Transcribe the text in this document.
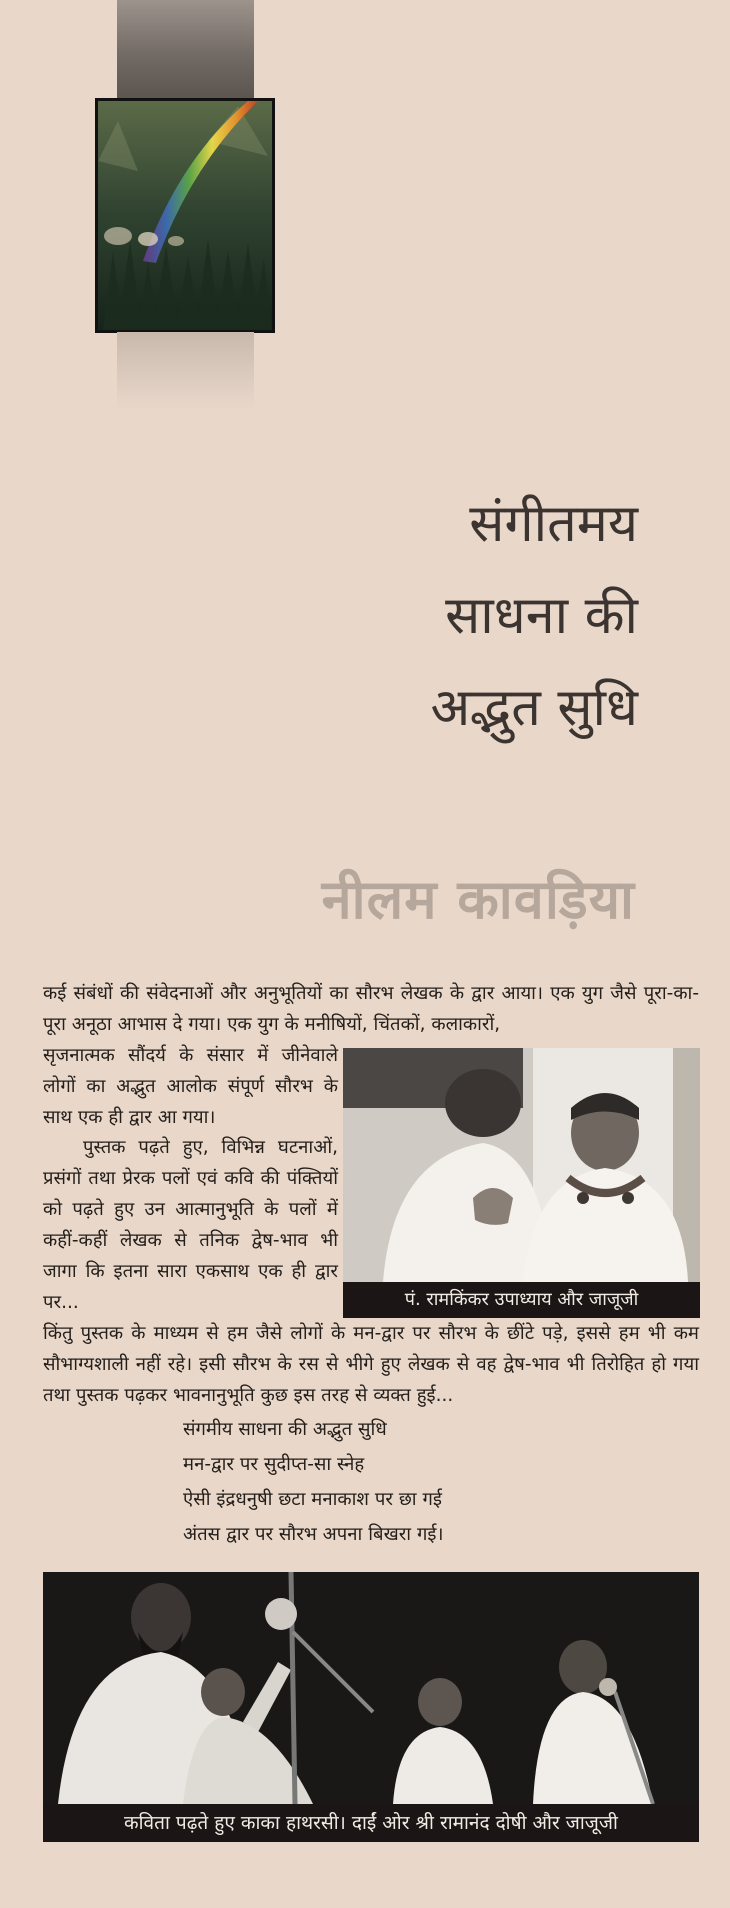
संगीतमय
साधना की
अद्भुत सुधि
नीलम कावड़िया
कई संबंधों की संवेदनाओं और अनुभूतियों का सौरभ लेखक के द्वार आया। एक युग जैसे पूरा-का-पूरा अनूठा आभास दे गया। एक युग के मनीषियों, चिंतकों, कलाकारों,
सृजनात्मक सौंदर्य के संसार में जीनेवाले लोगों का अद्भुत आलोक संपूर्ण सौरभ के साथ एक ही द्वार आ गया।
पुस्तक पढ़ते हुए, विभिन्न घटनाओं, प्रसंगों तथा प्रेरक पलों एवं कवि की पंक्तियों को पढ़ते हुए उन आत्मानुभूति के पलों में कहीं-कहीं लेखक से तनिक द्वेष-भाव भी जागा कि इतना सारा एकसाथ एक ही द्वार पर...	पं. रामकिंकर उपाध्याय और जाजूजी
किंतु पुस्तक के माध्यम से हम जैसे लोगों के मन-द्वार पर सौरभ के छींटे पड़े, इससे हम भी कम सौभाग्यशाली नहीं रहे। इसी सौरभ के रस से भीगे हुए लेखक से वह द्वेष-भाव भी तिरोहित हो गया तथा पुस्तक पढ़कर भावनानुभूति कुछ इस तरह से व्यक्त हुई...
संगमीय साधना की अद्भुत सुधि
मन-द्वार पर सुदीप्त-सा स्नेह
ऐसी इंद्रधनुषी छटा मनाकाश पर छा गई
अंतस द्वार पर सौरभ अपना बिखरा गई।
कविता पढ़ते हुए काका हाथरसी। दाईं ओर श्री रामानंद दोषी और जाजूजी
